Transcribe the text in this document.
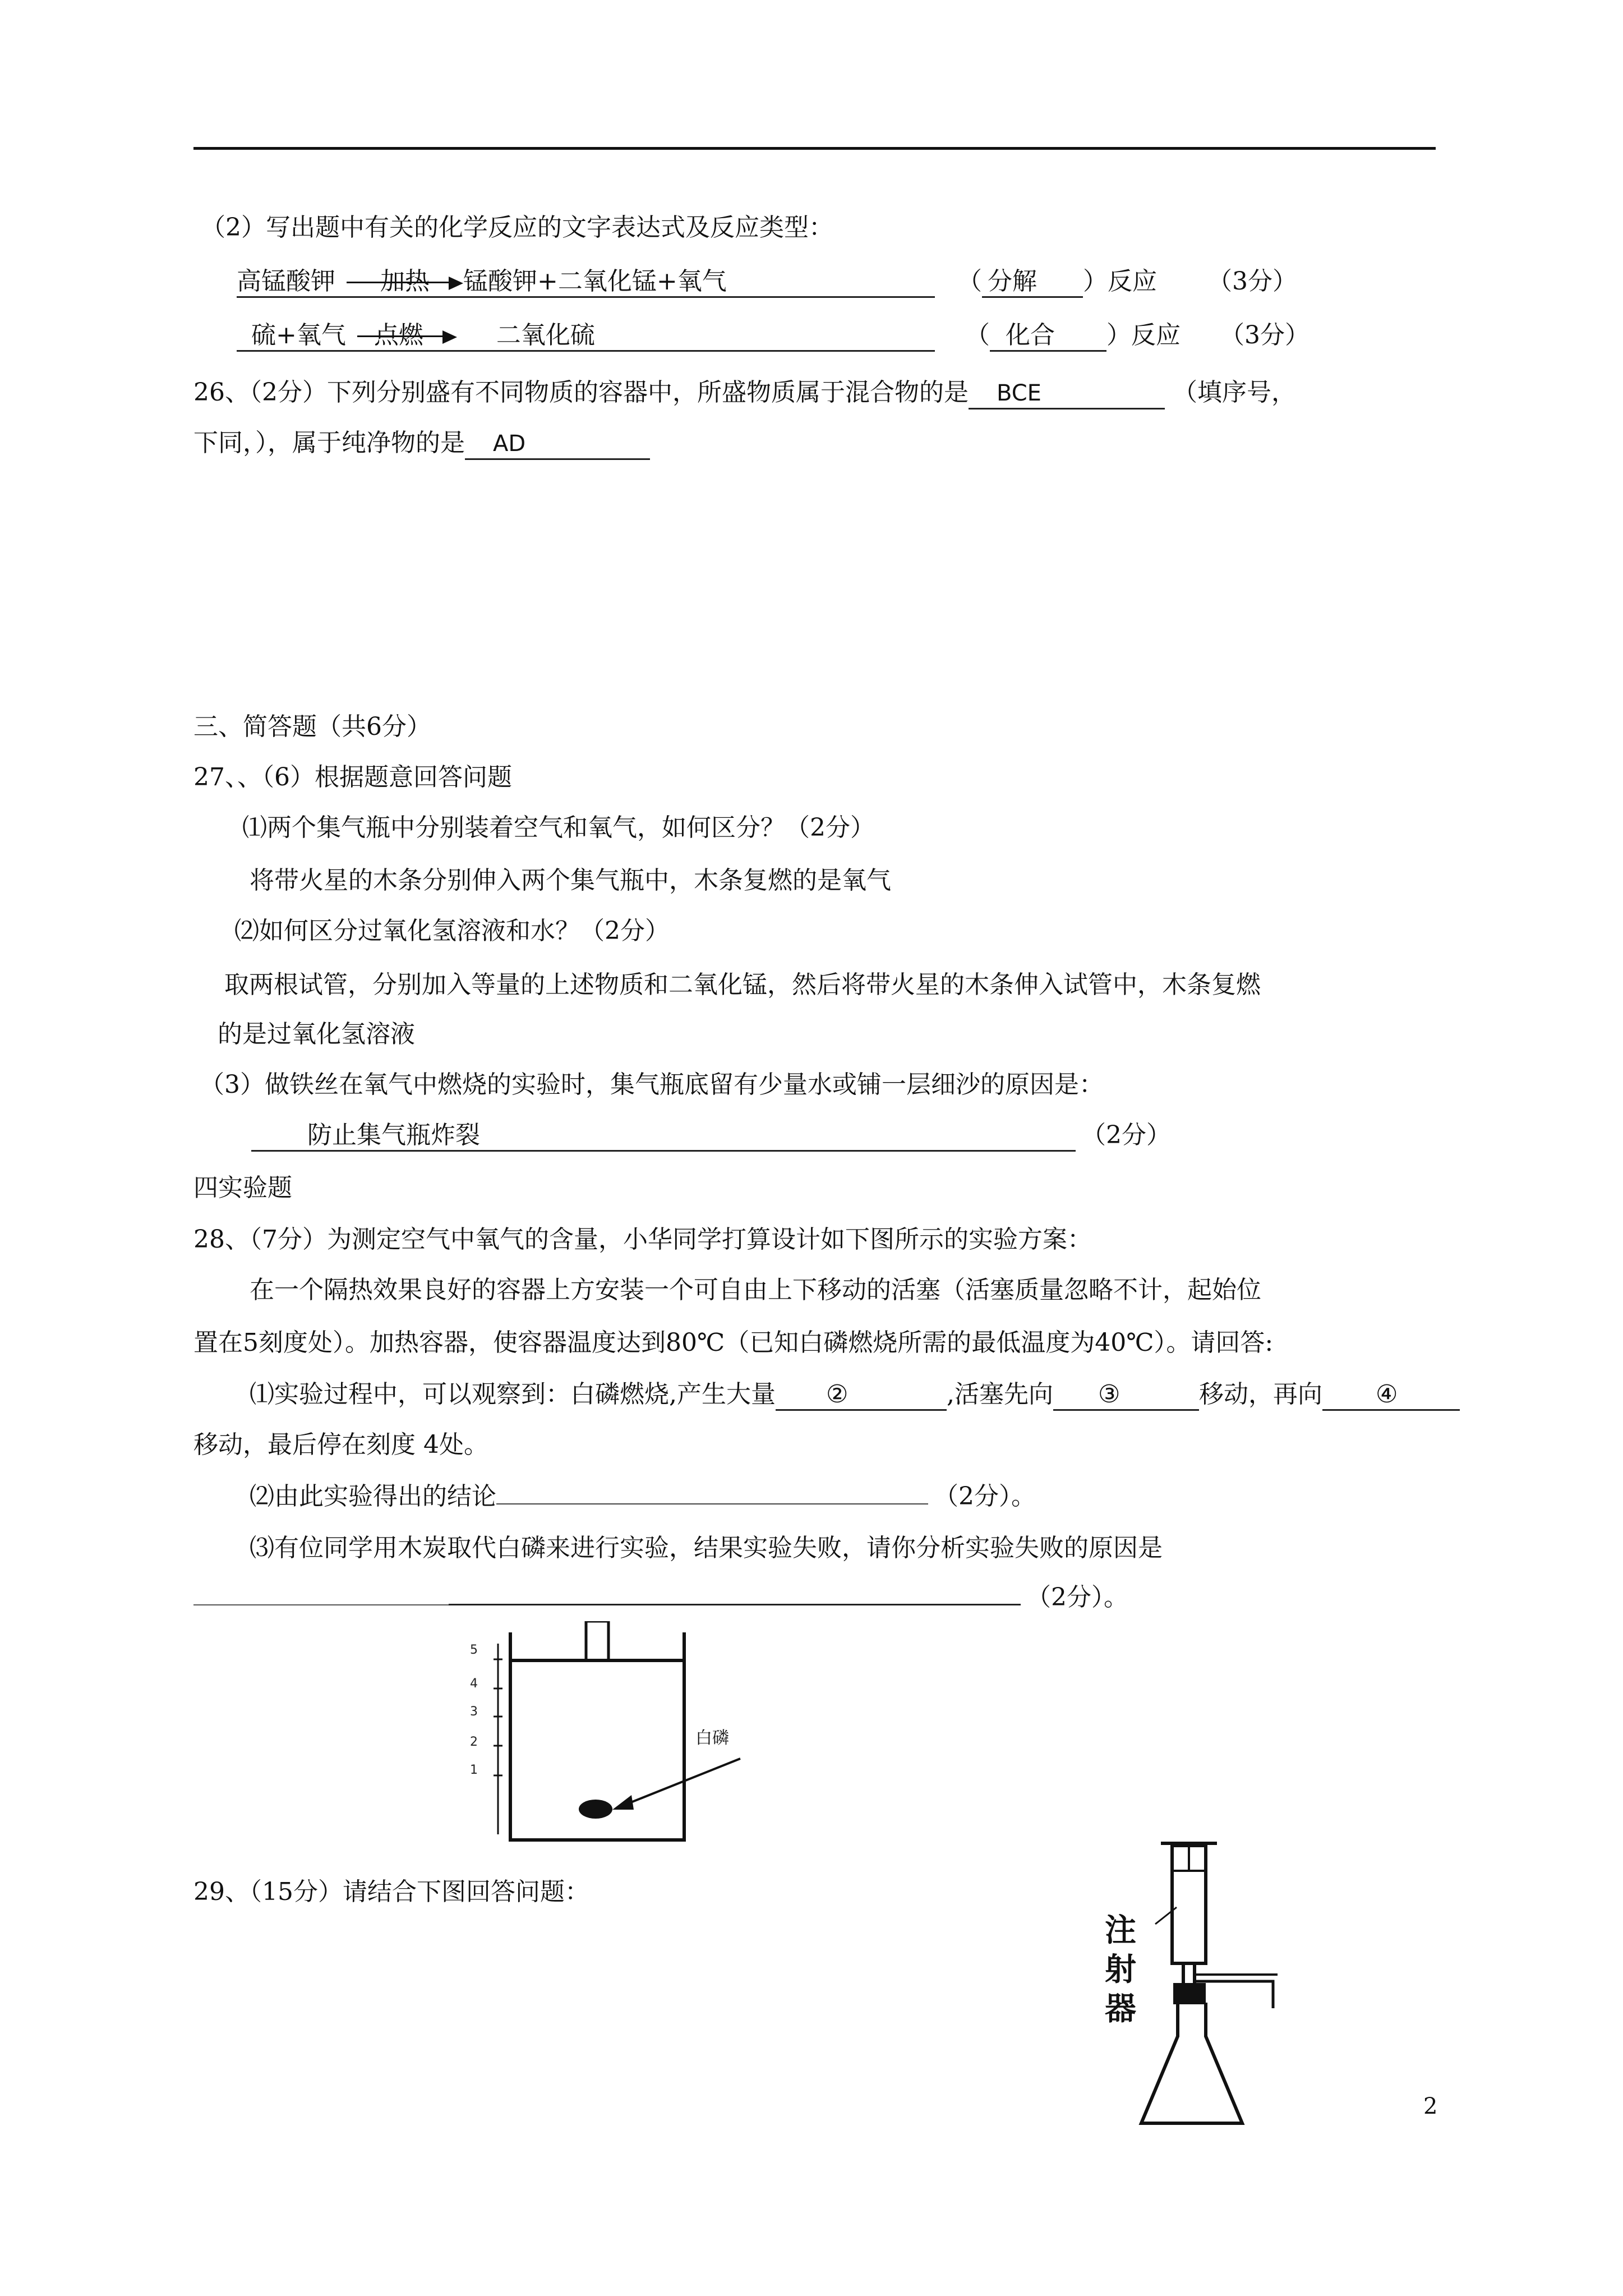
（2）写出题中有关的化学反应的文字表达式及反应类型：
高锰酸钾 加热 锰酸钾+二氧化锰+氧气	（ 分解 ）反应 （3分）
硫+氧气 点燃	二氧化硫	（ 化合 ）反应 （3分）
26、（2分）下列分别盛有不同物质的容器中，所盛物质属于混合物的是 BCE	（填序号，
下同，），属于纯净物的是 AD
三、简答题（共6分）
27、、（6）根据题意回答问题
⑴两个集气瓶中分别装着空气和氧气，如何区分？（2分）
将带火星的木条分别伸入两个集气瓶中，木条复燃的是氧气
⑵如何区分过氧化氢溶液和水？（2分）
取两根试管，分别加入等量的上述物质和二氧化锰，然后将带火星的木条伸入试管中，木条复燃
的是过氧化氢溶液
（3）做铁丝在氧气中燃烧的实验时，集气瓶底留有少量水或铺一层细沙的原因是：
防止集气瓶炸裂	（2分）
四实验题
28、（7分）为测定空气中氧气的含量，小华同学打算设计如下图所示的实验方案：
在一个隔热效果良好的容器上方安装一个可自由上下移动的活塞（活塞质量忽略不计，起始位
置在5刻度处）。加热容器，使容器温度达到80℃（已知白磷燃烧所需的最低温度为40℃）。请回答:
⑴实验过程中，可以观察到：白磷燃烧,产生大量 ②	,活塞先向 ③	移动，再向 ④
移动，最后停在刻度 4处。
⑵由此实验得出的结论	（2分）。
⑶有位同学用木炭取代白磷来进行实验，结果实验失败，请你分析实验失败的原因是
（2分）。
5
4
3
2
1
白磷
29、（15分）请结合下图回答问题：
注
射
器
2
